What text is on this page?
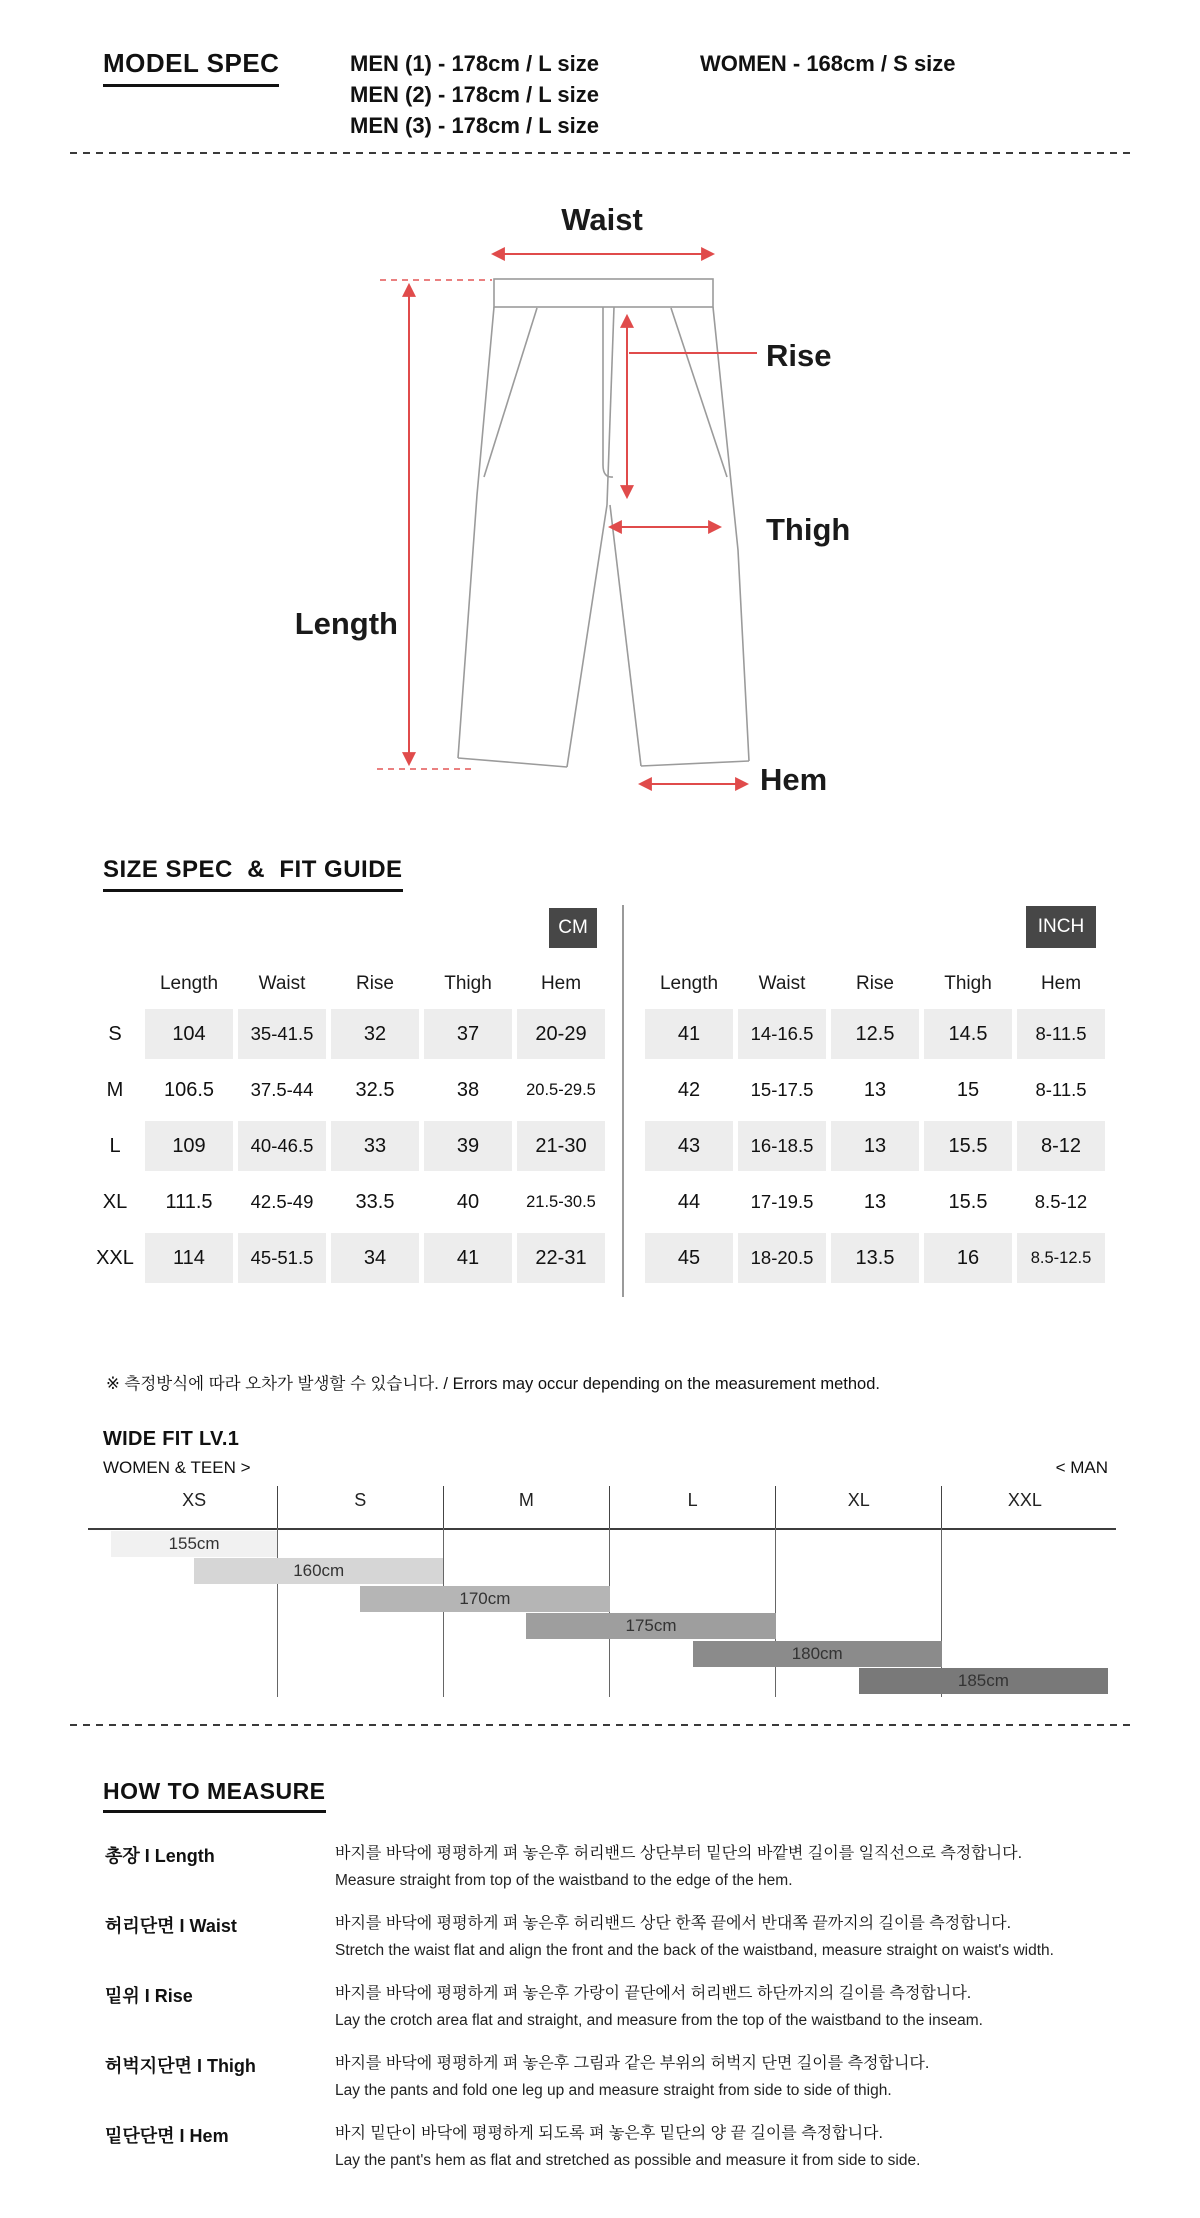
MODEL SPEC	MEN (1) - 178cm / L size
MEN (2) - 178cm / L size
MEN (3) - 178cm / L size
WOMEN - 168cm / S size
Waist
Rise
Thigh
Length
Hem
SIZE SPEC  &  FIT GUIDE
CM	INCH
Length	Waist	Rise	Thigh	Hem
S	104	35-41.5	32	37	20-29
M	106.5	37.5-44	32.5	38	20.5-29.5
L	109	40-46.5	33	39	21-30
XL	111.5	42.5-49	33.5	40	21.5-30.5
XXL	114	45-51.5	34	41	22-31
Length	Waist	Rise	Thigh	Hem
41	14-16.5	12.5	14.5	8-11.5
42	15-17.5	13	15	8-11.5
43	16-18.5	13	15.5	8-12
44	17-19.5	13	15.5	8.5-12
45	18-20.5	13.5	16	8.5-12.5
※ 측정방식에 따라 오차가 발생할 수 있습니다. / Errors may occur depending on the measurement method.
WIDE FIT LV.1
WOMEN & TEEN >	< MAN
XS	S	M	L	XL	XXL
155cm
160cm
170cm
175cm
180cm
185cm
HOW TO MEASURE
총장 I Length	바지를 바닥에 평평하게 펴 놓은후 허리밴드 상단부터 밑단의 바깥변 길이를 일직선으로 측정합니다.
Measure straight from top of the waistband to the edge of the hem.
허리단면 I Waist	바지를 바닥에 평평하게 펴 놓은후 허리밴드 상단 한쪽 끝에서 반대쪽 끝까지의 길이를 측정합니다.
Stretch the waist flat and align the front and the back of the waistband, measure straight on waist's width.
밑위 I Rise	바지를 바닥에 평평하게 펴 놓은후 가랑이 끝단에서 허리밴드 하단까지의 길이를 측정합니다.
Lay the crotch area flat and straight, and measure from the top of the waistband to the inseam.
허벅지단면 I Thigh	바지를 바닥에 평평하게 펴 놓은후 그림과 같은 부위의 허벅지 단면 길이를 측정합니다.
Lay the pants and fold one leg up and measure straight from side to side of thigh.
밑단단면 I Hem	바지 밑단이 바닥에 평평하게 되도록 펴 놓은후 밑단의 양 끝 길이를 측정합니다.
Lay the pant's hem as flat and stretched as possible and measure it from side to side.
